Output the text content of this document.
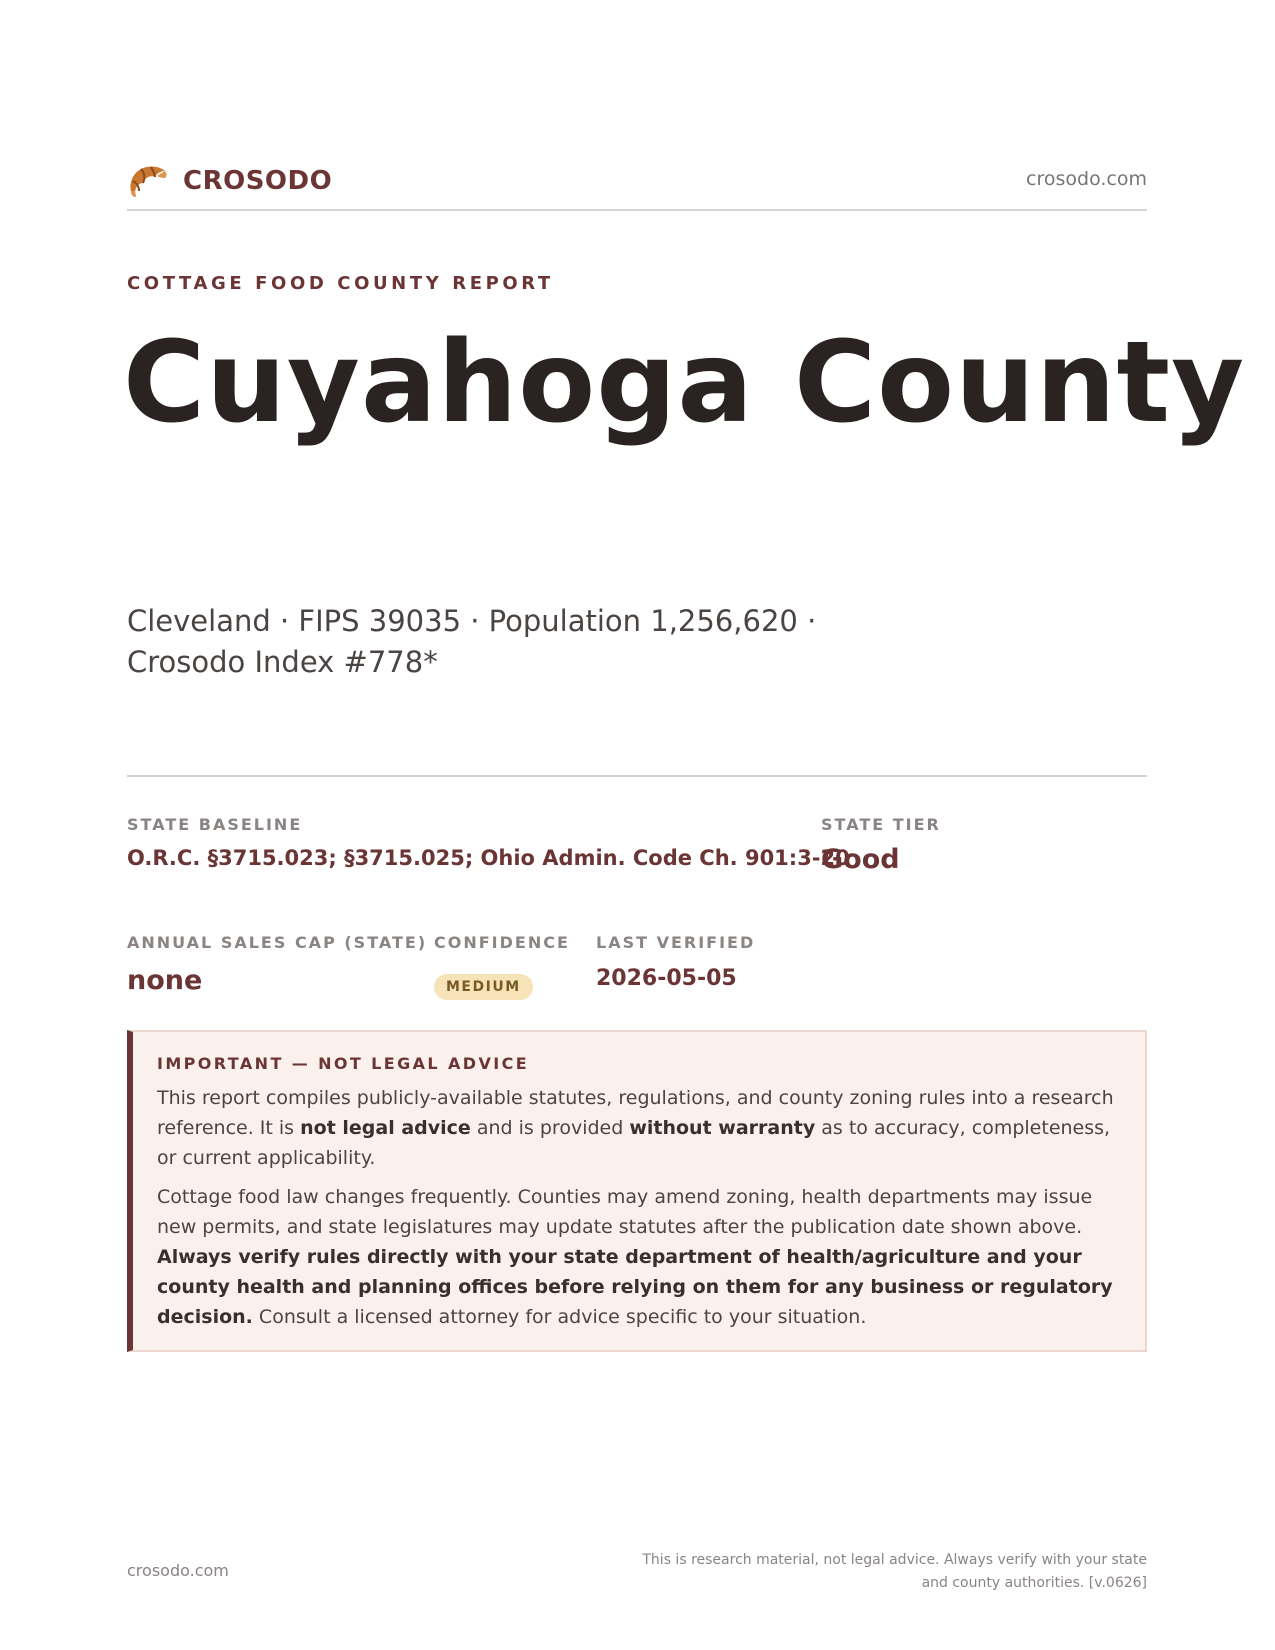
CROSODO	crosodo.com
COTTAGE FOOD COUNTY REPORT
Cuyahoga County
Cleveland · FIPS 39035 · Population 1,256,620 · Crosodo Index #778*
STATE BASELINE
O.R.C. §3715.023; §3715.025; Ohio Admin. Code Ch. 901:3-20
STATE TIER
Good
ANNUAL SALES CAP (STATE)
none
CONFIDENCE
MEDIUM
LAST VERIFIED
2026-05-05
IMPORTANT — NOT LEGAL ADVICE

This report compiles publicly-available statutes, regulations, and county zoning rules into a research reference. It is not legal advice and is provided without warranty as to accuracy, completeness, or current applicability.

Cottage food law changes frequently. Counties may amend zoning, health departments may issue new permits, and state legislatures may update statutes after the publication date shown above. Always verify rules directly with your state department of health/agriculture and your county health and planning offices before relying on them for any business or regulatory decision. Consult a licensed attorney for advice specific to your situation.

crosodo.com
This is research material, not legal advice. Always verify with your state and county authorities. [v.0626]
